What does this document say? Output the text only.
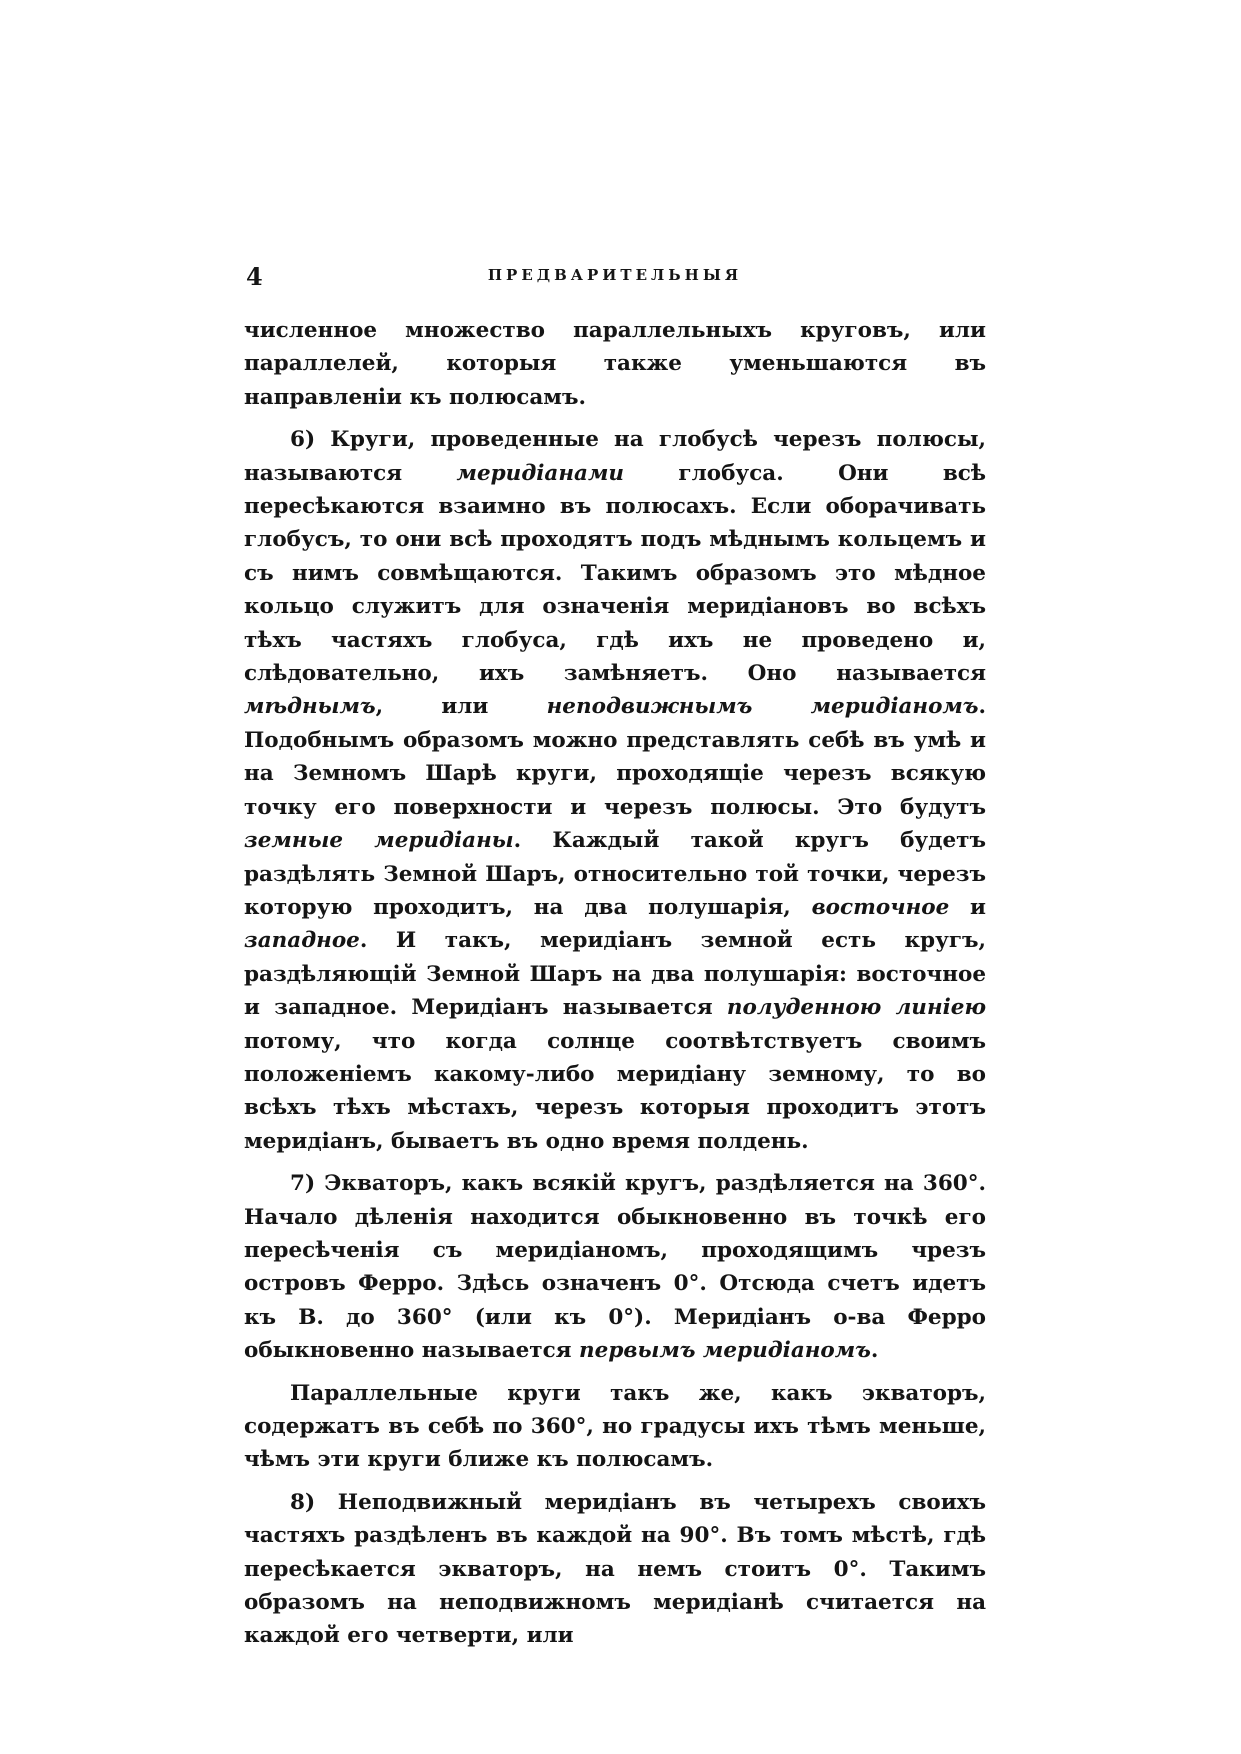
4	ПРЕДВАРИТЕЛЬНЫЯ

численное множество параллельныхъ круговъ, или параллелей, которыя также уменьшаются въ направленіи къ полюсамъ.

6) Круги, проведенные на глобусѣ черезъ полюсы, называются меридіанами глобуса. Они всѣ пересѣкаются взаимно въ полюсахъ. Если оборачивать глобусъ, то они всѣ проходятъ подъ мѣднымъ кольцемъ и съ нимъ совмѣщаются. Такимъ образомъ это мѣдное кольцо служитъ для означенія меридіановъ во всѣхъ тѣхъ частяхъ глобуса, гдѣ ихъ не проведено и, слѣдовательно, ихъ замѣняетъ. Оно называется мѣднымъ, или неподвижнымъ меридіаномъ. Подобнымъ образомъ можно представлять себѣ въ умѣ и на Земномъ Шарѣ круги, проходящіе черезъ всякую точку его поверхности и черезъ полюсы. Это будутъ земные меридіаны. Каждый такой кругъ будетъ раздѣлять Земной Шаръ, относительно той точки, черезъ которую проходитъ, на два полушарія, восточное и западное. И такъ, меридіанъ земной есть кругъ, раздѣляющій Земной Шаръ на два полушарія: восточное и западное. Меридіанъ называется полуденною линіею потому, что когда солнце соотвѣтствуетъ своимъ положеніемъ какому-либо меридіану земному, то во всѣхъ тѣхъ мѣстахъ, черезъ которыя проходитъ этотъ меридіанъ, бываетъ въ одно время полдень.

7) Экваторъ, какъ всякій кругъ, раздѣляется на 360°. Начало дѣленія находится обыкновенно въ точкѣ его пересѣченія съ меридіаномъ, проходящимъ чрезъ островъ Ферро. Здѣсь означенъ 0°. Отсюда счетъ идетъ къ В. до 360° (или къ 0°). Меридіанъ о-ва Ферро обыкновенно называется первымъ меридіаномъ.

Параллельные круги такъ же, какъ экваторъ, содержатъ въ себѣ по 360°, но градусы ихъ тѣмъ меньше, чѣмъ эти круги ближе къ полюсамъ.

8) Неподвижный меридіанъ въ четырехъ своихъ частяхъ раздѣленъ въ каждой на 90°. Въ томъ мѣстѣ, гдѣ пересѣкается экваторъ, на немъ стоитъ 0°. Такимъ образомъ на неподвижномъ меридіанѣ считается на каждой его четверти, или
